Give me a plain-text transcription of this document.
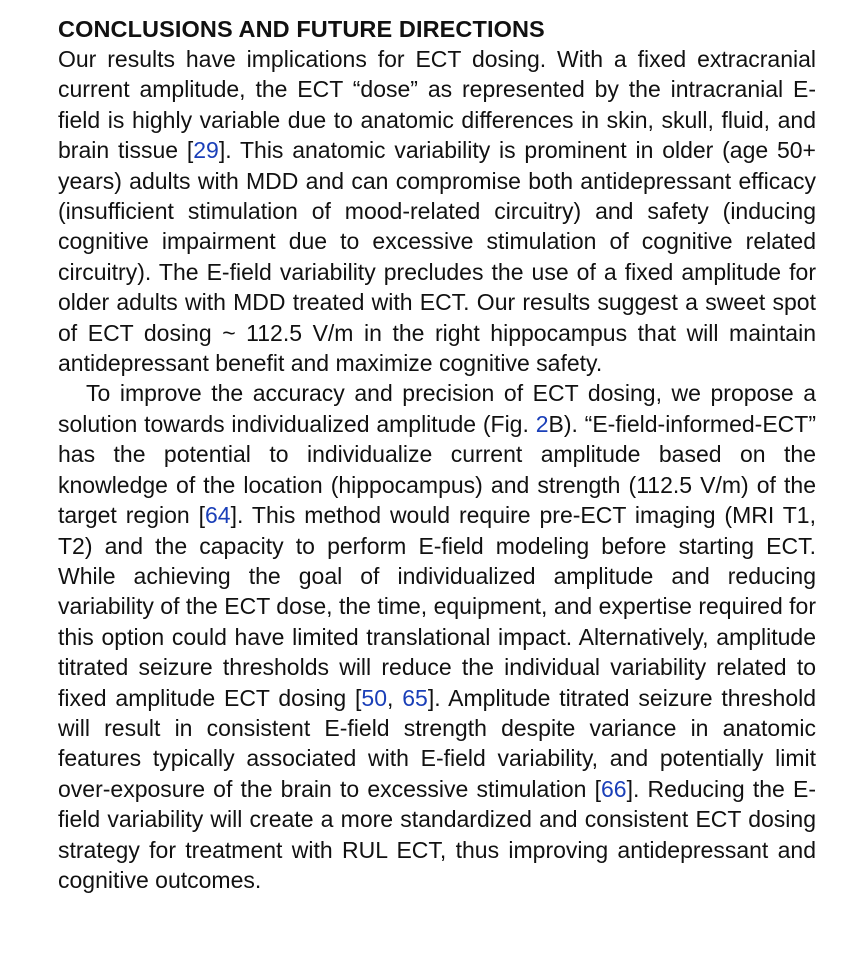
CONCLUSIONS AND FUTURE DIRECTIONS

Our results have implications for ECT dosing. With a fixed extracranial current amplitude, the ECT “dose” as represented by the intracranial E-field is highly variable due to anatomic differences in skin, skull, fluid, and brain tissue [29]. This anatomic variability is prominent in older (age 50+ years) adults with MDD and can compromise both antidepressant efficacy (insufficient stimulation of mood-related circuitry) and safety (inducing cognitive impairment due to excessive stimulation of cognitive related circuitry). The E-field variability precludes the use of a fixed amplitude for older adults with MDD treated with ECT. Our results suggest a sweet spot of ECT dosing ~ 112.5 V/m in the right hippocampus that will maintain antidepressant benefit and maximize cognitive safety.

To improve the accuracy and precision of ECT dosing, we propose a solution towards individualized amplitude (Fig. 2B). “E-field-informed-ECT” has the potential to individualize current amplitude based on the knowledge of the location (hippocampus) and strength (112.5 V/m) of the target region [64]. This method would require pre-ECT imaging (MRI T1, T2) and the capacity to perform E-field modeling before starting ECT. While achieving the goal of individualized amplitude and reducing variability of the ECT dose, the time, equipment, and expertise required for this option could have limited translational impact. Alternatively, amplitude titrated seizure thresholds will reduce the individual variability related to fixed amplitude ECT dosing [50, 65]. Amplitude titrated seizure threshold will result in consistent E-field strength despite variance in anatomic features typically associated with E-field variability, and potentially limit over-exposure of the brain to excessive stimulation [66]. Reducing the E-field variability will create a more standardized and consistent ECT dosing strategy for treatment with RUL ECT, thus improving antidepressant and cognitive outcomes.
